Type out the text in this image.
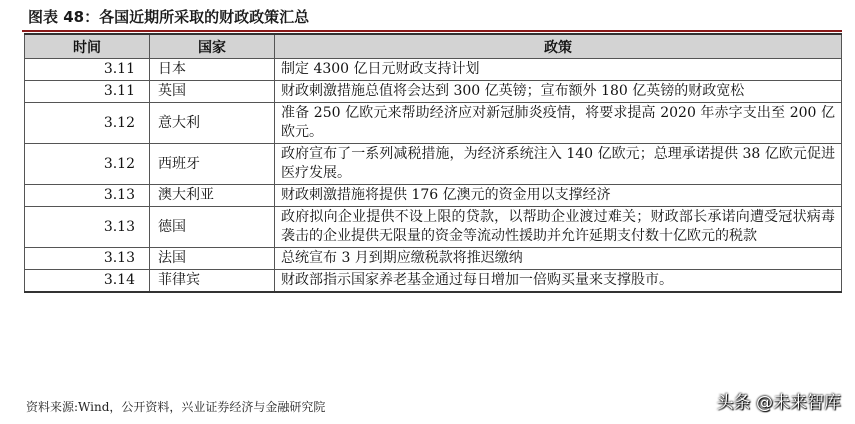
图表 48：各国近期所采取的财政政策汇总
时间	国家	政策
3.11	日本	制定 4300 亿日元财政支持计划
3.11	英国	财政刺激措施总值将会达到 300 亿英镑；宣布额外 180 亿英镑的财政宽松
3.12	意大利	准备 250 亿欧元来帮助经济应对新冠肺炎疫情，将要求提高 2020 年赤字支出至 200 亿欧元。
3.12	西班牙	政府宣布了一系列减税措施，为经济系统注入 140 亿欧元；总理承诺提供 38 亿欧元促进医疗发展。
3.13	澳大利亚	财政刺激措施将提供 176 亿澳元的资金用以支撑经济
3.13	德国	政府拟向企业提供不设上限的贷款，以帮助企业渡过难关；财政部长承诺向遭受冠状病毒袭击的企业提供无限量的资金等流动性援助并允许延期支付数十亿欧元的税款
3.13	法国	总统宣布 3 月到期应缴税款将推迟缴纳
3.14	菲律宾	财政部指示国家养老基金通过每日增加一倍购买量来支撑股市。
资料来源:Wind，公开资料，兴业证券经济与金融研究院	头条 @未来智库
